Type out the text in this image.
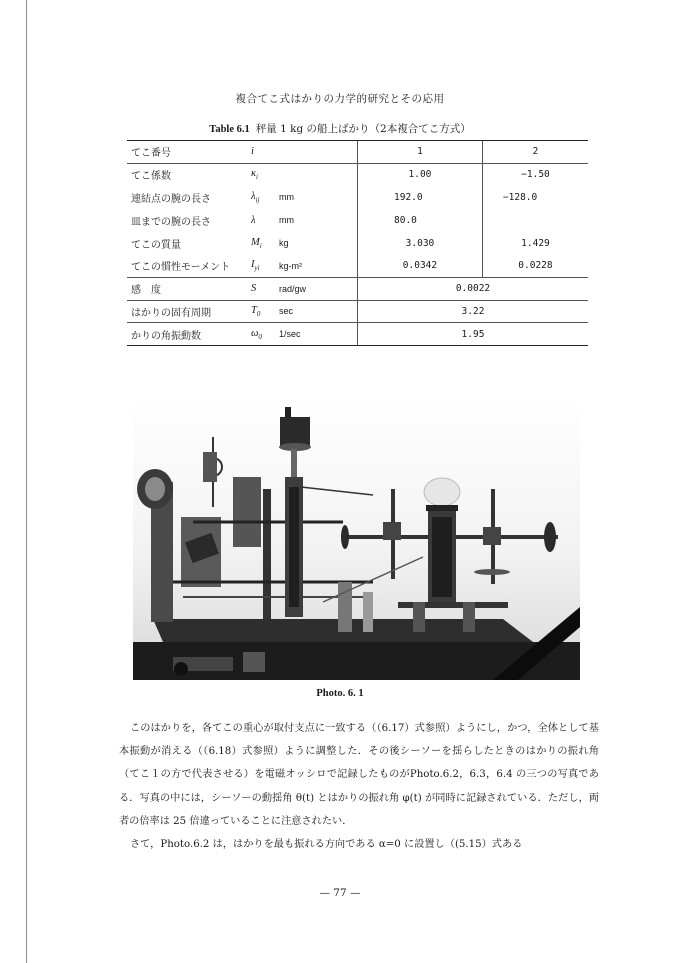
複合てこ式はかりの力学的研究とその応用
Table 6.1 秤量 1 kg の船上ばかり（2本複合てこ方式）
てこ番号	i		1	2
てこ係数	$\kappa_i$		1.00	−1.50
連結点の腕の長さ	$\lambda_{ij}$	mm	192.0	−128.0
皿までの腕の長さ	λ	mm	80.0	
てこの質量	$M_i$	kg	3.030	1.429
てこの慣性モーメント	$I_{yi}$	kg-m²	0.0342	0.0228
感　度	S	rad/gw	0.0022	
はかりの固有周期	$T_0$	sec	3.22	
かりの角振動数	$\omega_0$	1/sec	1.95	
Photo. 6. 1

このはかりを，各てこの重心が取付支点に一致する（（6.17）式参照）ようにし，かつ，全体として基本振動が消える（（6.18）式参照）ように調整した．その後シーソーを揺らしたときのはかりの振れ角（てこ１の方で代表させる）を電磁オッシロで記録したものがPhoto.6.2，6.3，6.4 の三つの写真である．写真の中には，シーソーの動揺角 θ(t) とはかりの振れ角 φ(t) が同時に記録されている．ただし，両者の倍率は 25 倍違っていることに注意されたい．

さて，Photo.6.2 は，はかりを最も振れる方向である α=0 に設置し（(5.15）式ある

— 77 —
